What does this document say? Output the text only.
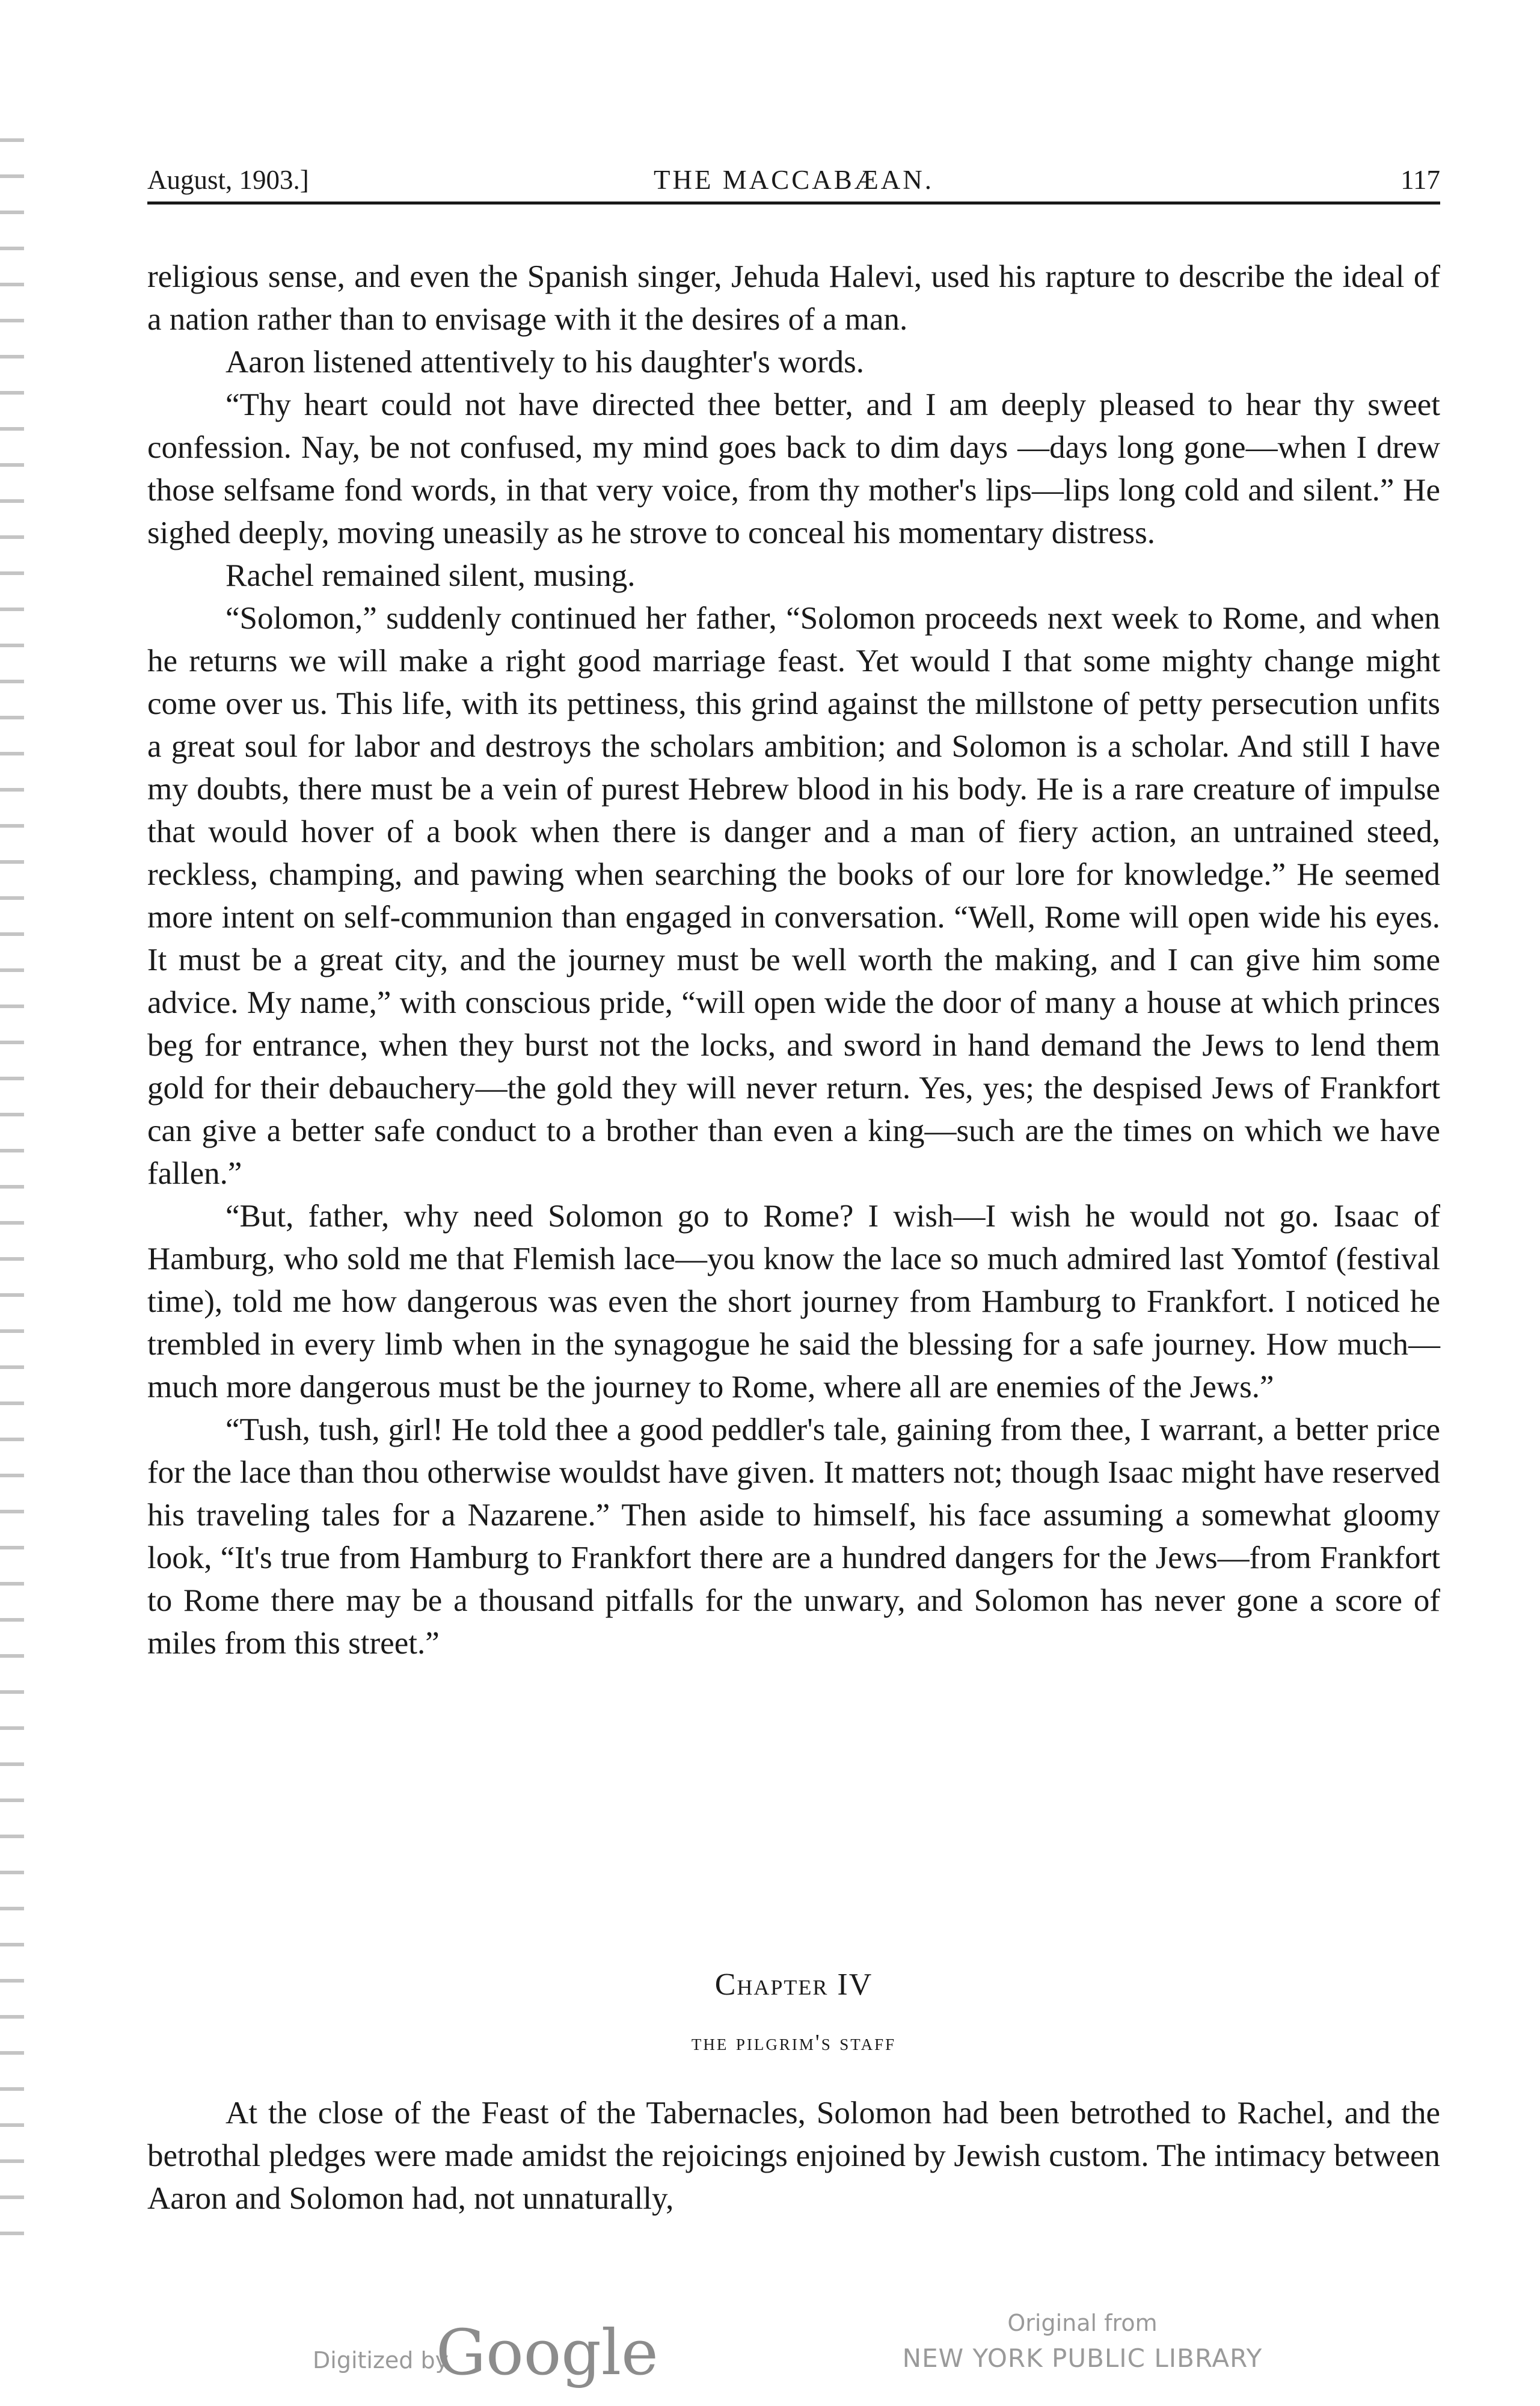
August, 1903.]	THE MACCABÆAN.	117

religious sense, and even the Spanish singer, Jehuda Halevi, used his rapture to describe the ideal of a nation rather than to envisage with it the desires of a man.

Aaron listened attentively to his daughter's words.

“Thy heart could not have directed thee better, and I am deeply pleased to hear thy sweet confession. Nay, be not confused, my mind goes back to dim days —days long gone—when I drew those selfsame fond words, in that very voice, from thy mother's lips—lips long cold and silent.” He sighed deeply, moving uneasily as he strove to conceal his momentary distress.

Rachel remained silent, musing.

“Solomon,” suddenly continued her father, “Solomon proceeds next week to Rome, and when he returns we will make a right good marriage feast. Yet would I that some mighty change might come over us. This life, with its pettiness, this grind against the millstone of petty persecution unfits a great soul for labor and destroys the scholars ambition; and Solomon is a scholar. And still I have my doubts, there must be a vein of purest Hebrew blood in his body. He is a rare creature of impulse that would hover of a book when there is danger and a man of fiery action, an untrained steed, reckless, champing, and pawing when searching the books of our lore for knowledge.” He seemed more intent on self-communion than engaged in conversation. “Well, Rome will open wide his eyes. It must be a great city, and the journey must be well worth the making, and I can give him some advice. My name,” with conscious pride, “will open wide the door of many a house at which princes beg for entrance, when they burst not the locks, and sword in hand demand the Jews to lend them gold for their debauchery—the gold they will never return. Yes, yes; the despised Jews of Frankfort can give a better safe conduct to a brother than even a king—such are the times on which we have fallen.”

“But, father, why need Solomon go to Rome? I wish—I wish he would not go. Isaac of Hamburg, who sold me that Flemish lace—you know the lace so much admired last Yomtof (festival time), told me how dangerous was even the short journey from Hamburg to Frankfort. I noticed he trembled in every limb when in the synagogue he said the blessing for a safe journey. How much—much more dangerous must be the journey to Rome, where all are enemies of the Jews.”

“Tush, tush, girl! He told thee a good peddler's tale, gaining from thee, I warrant, a better price for the lace than thou otherwise wouldst have given. It matters not; though Isaac might have reserved his traveling tales for a Nazarene.” Then aside to himself, his face assuming a somewhat gloomy look, “It's true from Hamburg to Frankfort there are a hundred dangers for the Jews—from Frankfort to Rome there may be a thousand pitfalls for the unwary, and Solomon has never gone a score of miles from this street.”

Chapter IV
the pilgrim's staff

At the close of the Feast of the Tabernacles, Solomon had been betrothed to Rachel, and the betrothal pledges were made amidst the rejoicings enjoined by Jewish custom. The intimacy between Aaron and Solomon had, not unnaturally,

Digitized by
Google	Original from
NEW YORK PUBLIC LIBRARY
